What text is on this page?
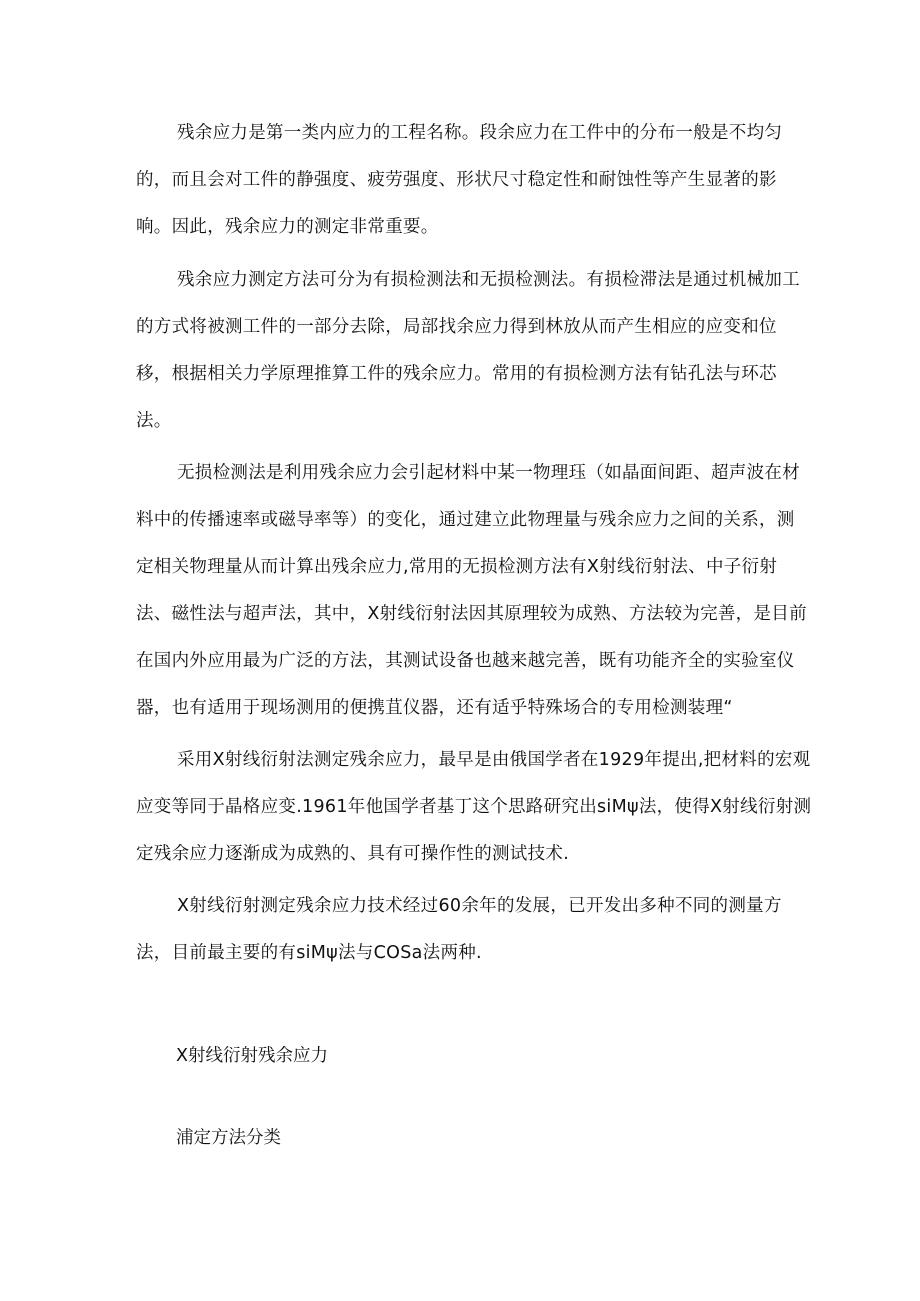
残余应力是第一类内应力的工程名称。段余应力在工件中的分布一般是不均匀
的，而且会对工件的静强度、疲劳强度、形状尺寸稳定性和耐蚀性等产生显著的影
响。因此，残余应力的测定非常重要。
残余应力测定方法可分为有损检测法和无损检测法。有损检滞法是通过机械加工
的方式将被测工件的一部分去除，局部找余应力得到林放从而产生相应的应变和位
移，根据相关力学原理推算工件的残余应力。常用的有损检测方法有钻孔法与环芯
法。
无损检测法是利用残余应力会引起材料中某一物理珏（如晶面间距、超声波在材
料中的传播速率或磁导率等）的变化，通过建立此物理量与残余应力之间的关系，测
定相关物理量从而计算出残余应力,常用的无损检测方法有X射线衍射法、中子衍射
法、磁性法与超声法，其中，X射线衍射法因其原理较为成熟、方法较为完善，是目前
在国内外应用最为广泛的方法，其测试设备也越来越完善，既有功能齐全的实验室仪
器，也有适用于现场测用的便携苴仪器，还有适乎特殊场合的专用检测装理“
采用X射线衍射法测定残余应力，最早是由俄国学者在1929年提出,把材料的宏观
应变等同于晶格应变.1961年他国学者基丁这个思路研究出siMψ法，使得X射线衍射测
定残余应力逐渐成为成熟的、具有可操作性的测试技术.
X射线衍射测定残余应力技术经过60余年的发展，已开发出多种不同的测量方
法，目前最主要的有siMψ法与COSa法两种.
X射线衍射残余应力
浦定方法分类
